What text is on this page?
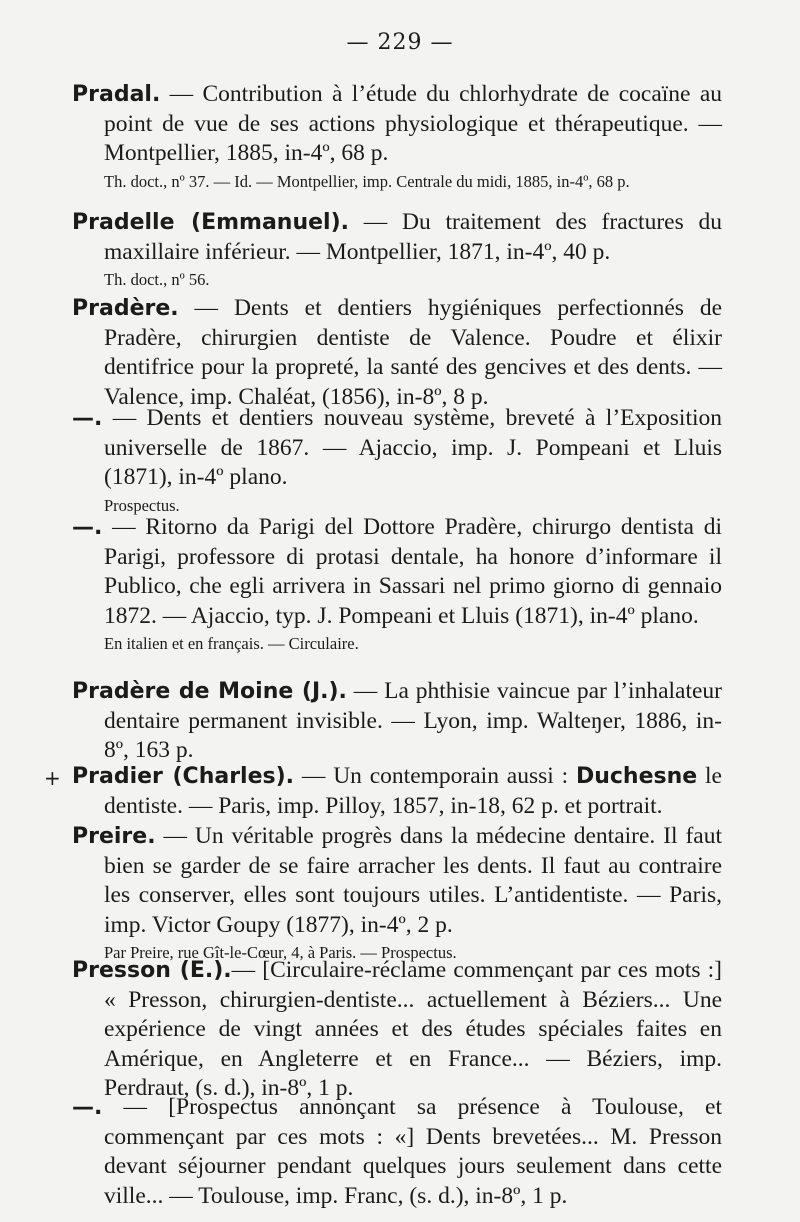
— 229 —
Pradal. — Contribution à l’étude du chlorhydrate de cocaïne au point de vue de ses actions physiologique et thérapeutique. — Montpellier, 1885, in-4º, 68 p.
Th. doct., nº 37. — Id. — Montpellier, imp. Centrale du midi, 1885, in-4º, 68 p.
Pradelle (Emmanuel). — Du traitement des fractures du maxillaire inférieur. — Montpellier, 1871, in-4º, 40 p.
Th. doct., nº 56.
Pradère. — Dents et dentiers hygiéniques perfectionnés de Pradère, chirurgien dentiste de Valence. Poudre et élixir dentifrice pour la propreté, la santé des gencives et des dents. — Valence, imp. Chaléat, (1856), in-8º, 8 p.
—. — Dents et dentiers nouveau système, breveté à l’Exposition universelle de 1867. — Ajaccio, imp. J. Pompeani et Lluis (1871), in-4º plano.
Prospectus.
—. — Ritorno da Parigi del Dottore Pradère, chirurgo dentista di Parigi, professore di protasi dentale, ha honore d’informare il Publico, che egli arrivera in Sassari nel primo giorno di gennaio 1872. — Ajaccio, typ. J. Pompeani et Lluis (1871), in-4º plano.
En italien et en français. — Circulaire.
Pradère de Moine (J.). — La phthisie vaincue par l’inhalateur dentaire permanent invisible. — Lyon, imp. Walteŋer, 1886, in-8º, 163 p.
+ Pradier (Charles). — Un contemporain aussi : Duchesne le dentiste. — Paris, imp. Pilloy, 1857, in-18, 62 p. et portrait.
Preire. — Un véritable progrès dans la médecine dentaire. Il faut bien se garder de se faire arracher les dents. Il faut au contraire les conserver, elles sont toujours utiles. L’antidentiste. — Paris, imp. Victor Goupy (1877), in-4º, 2 p.
Par Preire, rue Gît-le-Cœur, 4, à Paris. — Prospectus.
Presson (E.).— [Circulaire-réclame commençant par ces mots :] « Presson, chirurgien-dentiste... actuellement à Béziers... Une expérience de vingt années et des études spéciales faites en Amérique, en Angleterre et en France... — Béziers, imp. Perdraut, (s. d.), in-8º, 1 p.
—. — [Prospectus annonçant sa présence à Toulouse, et commençant par ces mots : «] Dents brevetées... M. Presson devant séjourner pendant quelques jours seulement dans cette ville... — Toulouse, imp. Franc, (s. d.), in-8º, 1 p.
